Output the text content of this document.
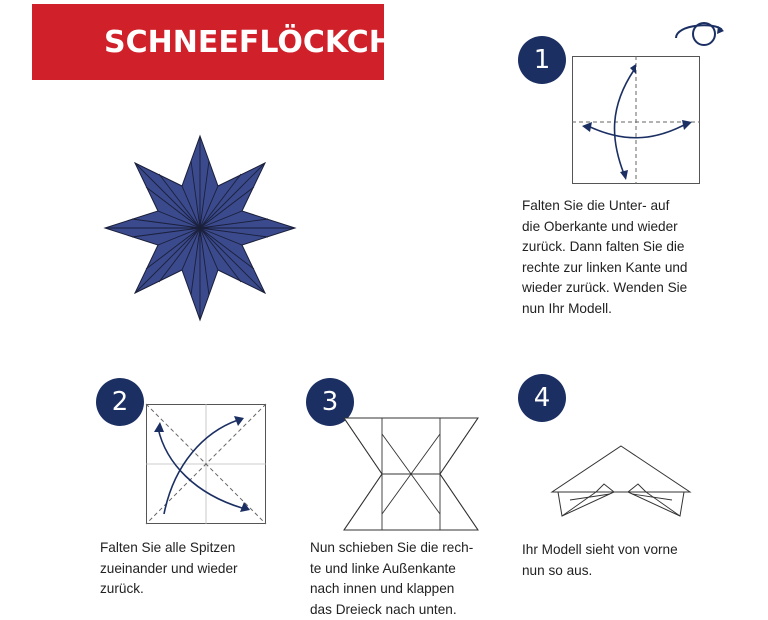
SCHNEEFLÖCKCHEN
1
Falten Sie die Unter- auf
die Oberkante und wieder
zurück. Dann falten Sie die
rechte zur linken Kante und
wieder zurück. Wenden Sie
nun Ihr Modell.
2
Falten Sie alle Spitzen
zueinander und wieder
zurück.
3
Nun schieben Sie die rech-
te und linke Außenkante
nach innen und klappen
das Dreieck nach unten.
4
Ihr Modell sieht von vorne
nun so aus.
